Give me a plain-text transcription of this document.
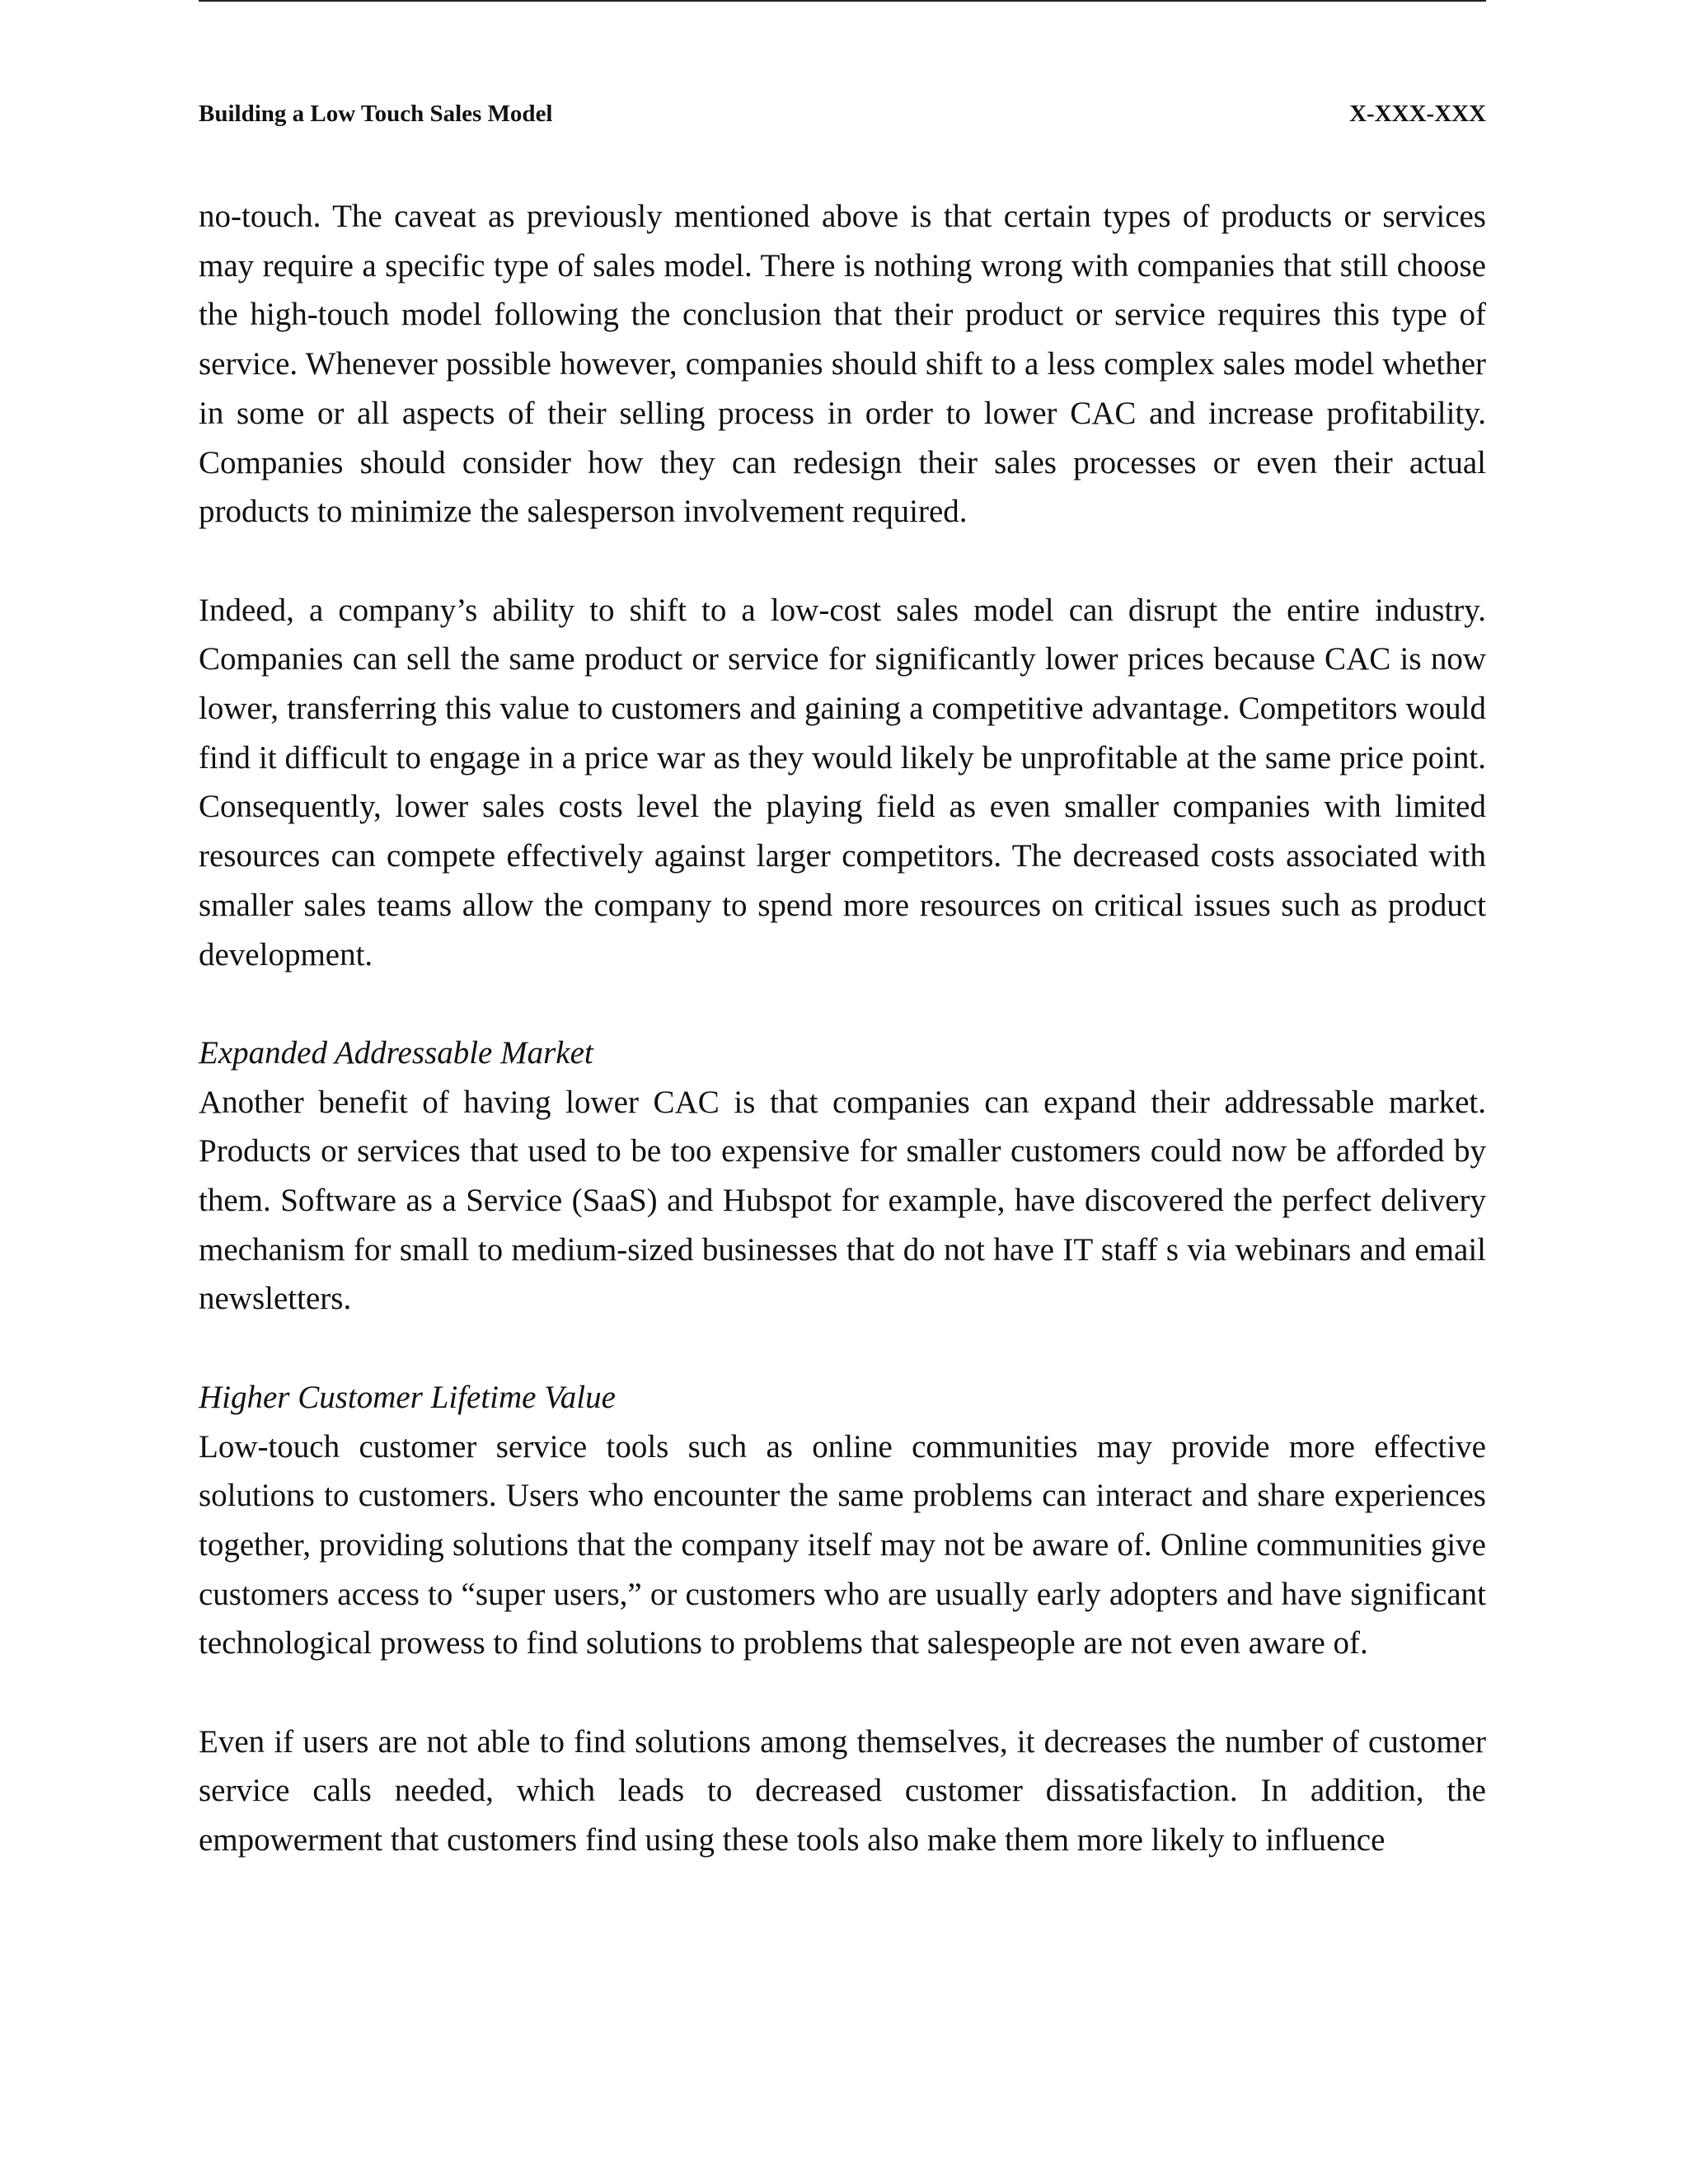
Building a Low Touch Sales Model	X-XXX-XXX

no-touch. The caveat as previously mentioned above is that certain types of products or services may require a specific type of sales model. There is nothing wrong with companies that still choose the high-touch model following the conclusion that their product or service requires this type of service. Whenever possible however, companies should shift to a less complex sales model whether in some or all aspects of their selling process in order to lower CAC and increase profitability. Companies should consider how they can redesign their sales processes or even their actual products to minimize the salesperson involvement required.

Indeed, a company’s ability to shift to a low-cost sales model can disrupt the entire industry. Companies can sell the same product or service for significantly lower prices because CAC is now lower, transferring this value to customers and gaining a competitive advantage. Competitors would find it difficult to engage in a price war as they would likely be unprofitable at the same price point. Consequently, lower sales costs level the playing field as even smaller companies with limited resources can compete effectively against larger competitors. The decreased costs associated with smaller sales teams allow the company to spend more resources on critical issues such as product development.

Expanded Addressable Market

Another benefit of having lower CAC is that companies can expand their addressable market. Products or services that used to be too expensive for smaller customers could now be afforded by them. Software as a Service (SaaS) and Hubspot for example, have discovered the perfect delivery mechanism for small to medium-sized businesses that do not have IT staff s via webinars and email newsletters.

Higher Customer Lifetime Value

Low-touch customer service tools such as online communities may provide more effective solutions to customers. Users who encounter the same problems can interact and share experiences together, providing solutions that the company itself may not be aware of. Online communities give customers access to “super users,” or customers who are usually early adopters and have significant technological prowess to find solutions to problems that salespeople are not even aware of.

Even if users are not able to find solutions among themselves, it decreases the number of customer service calls needed, which leads to decreased customer dissatisfaction. In addition, the empowerment that customers find using these tools also make them more likely to influence
